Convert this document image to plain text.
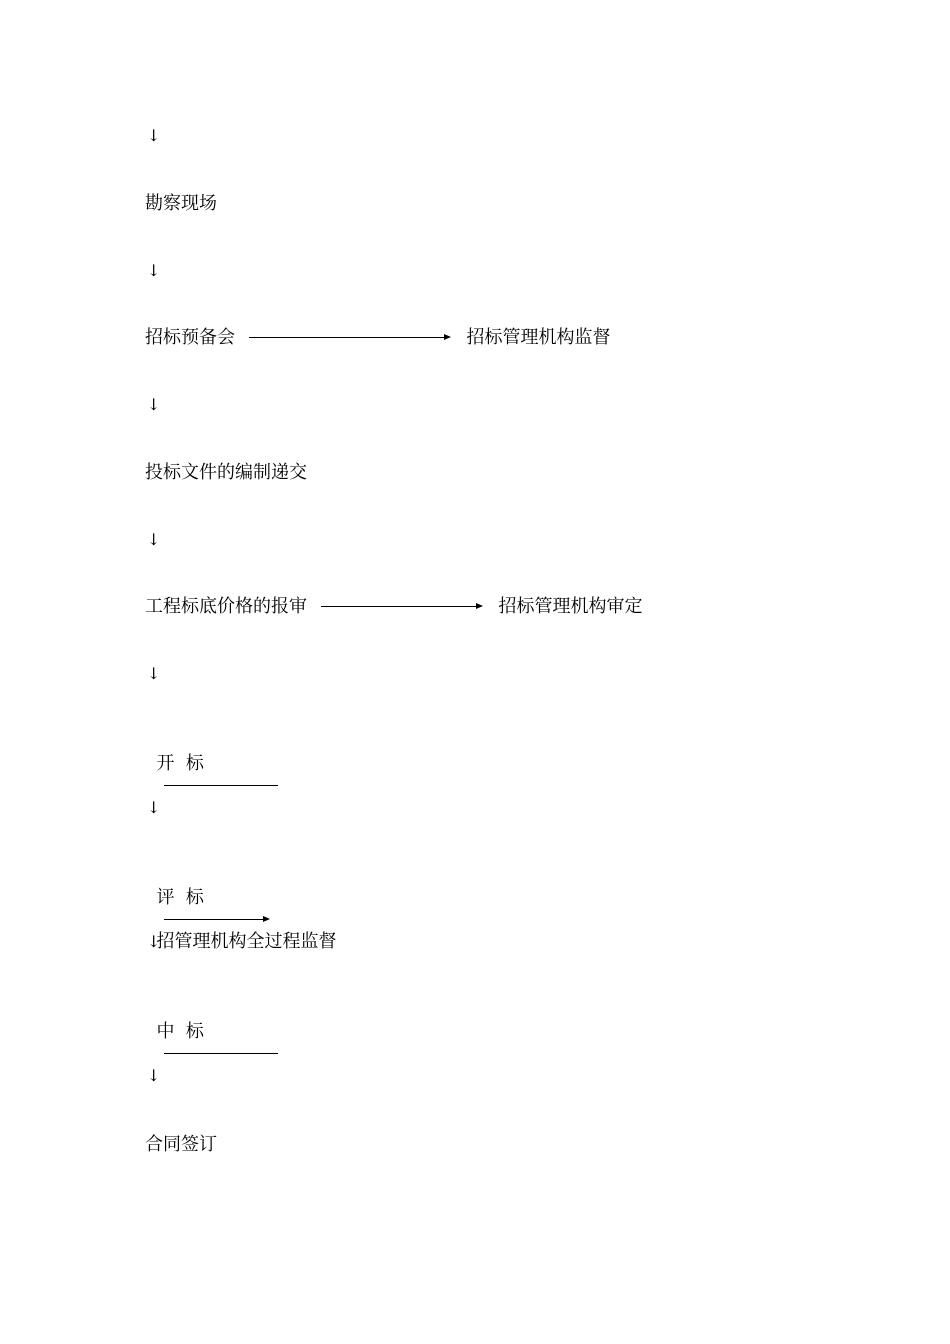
↓
勘察现场
↓
招标预备会	招标管理机构监督
↓
投标文件的编制递交
↓
工程标底价格的报审	招标管理机构审定
↓

开  标

↓

评  标

招管理机构全过程监督

↓

中  标

↓
合同签订
